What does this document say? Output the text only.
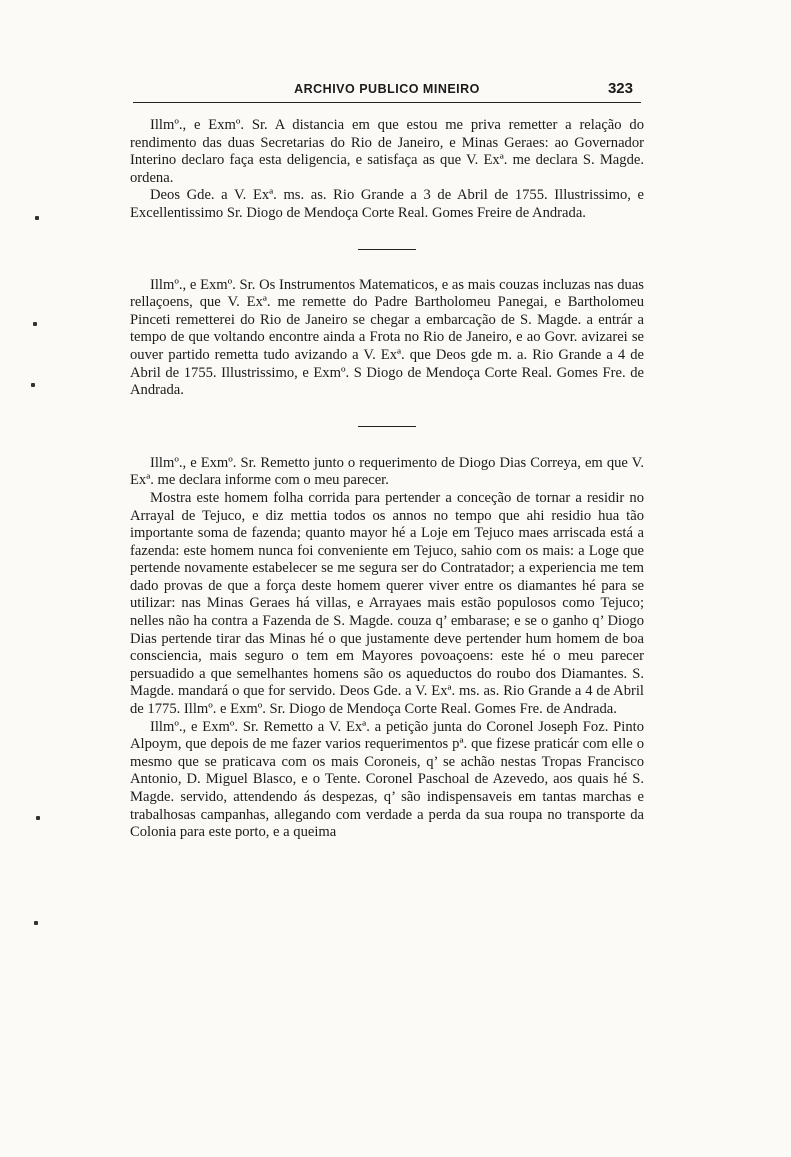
ARCHIVO PUBLICO MINEIRO	323

Illmº., e Exmº. Sr. A distancia em que estou me priva remetter a relação do rendimento das duas Secretarias do Rio de Janeiro, e Minas Geraes: ao Governador Interino declaro faça esta deligencia, e satisfaça as que V. Exª. me declara S. Magde. ordena.

Deos Gde. a V. Exª. ms. as. Rio Grande a 3 de Abril de 1755. Illustrissimo, e Excellentissimo Sr. Diogo de Mendoça Corte Real. Gomes Freire de Andrada.

Illmº., e Exmº. Sr. Os Instrumentos Matematicos, e as mais couzas incluzas nas duas rellaçoens, que V. Exª. me remette do Padre Bartholomeu Panegai, e Bartholomeu Pinceti remetterei do Rio de Janeiro se chegar a embarcação de S. Magde. a entrár a tempo de que voltando encontre ainda a Frota no Rio de Janeiro, e ao Govr. avizarei se ouver partido remetta tudo avizando a V. Exª. que Deos gde m. a. Rio Grande a 4 de Abril de 1755. Illustrissimo, e Exmº. S Diogo de Mendoça Corte Real. Gomes Fre. de Andrada.

Illmº., e Exmº. Sr. Remetto junto o requerimento de Diogo Dias Correya, em que V. Exª. me declara informe com o meu parecer.

Mostra este homem folha corrida para pertender a conceção de tornar a residir no Arrayal de Tejuco, e diz mettia todos os annos no tempo que ahi residio hua tão importante soma de fazenda; quanto mayor hé a Loje em Tejuco maes arriscada está a fazenda: este homem nunca foi conveniente em Tejuco, sahio com os mais: a Loge que pertende novamente estabelecer se me segura ser do Contratador; a experiencia me tem dado provas de que a força deste homem querer viver entre os diamantes hé para se utilizar: nas Minas Geraes há villas, e Arrayaes mais estão populosos como Tejuco; nelles não ha contra a Fazenda de S. Magde. couza q’ embarase; e se o ganho q’ Diogo Dias pertende tirar das Minas hé o que justamente deve pertender hum homem de boa consciencia, mais seguro o tem em Mayores povoaçoens: este hé o meu parecer persuadido a que semelhantes homens são os aqueductos do roubo dos Diamantes. S. Magde. mandará o que for servido. Deos Gde. a V. Exª. ms. as. Rio Grande a 4 de Abril de 1775. Illmº. e Exmº. Sr. Diogo de Mendoça Corte Real. Gomes Fre. de Andrada.

Illmº., e Exmº. Sr. Remetto a V. Exª. a petição junta do Coronel Joseph Foz. Pinto Alpoym, que depois de me fazer varios requerimentos pª. que fizese praticár com elle o mesmo que se praticava com os mais Coroneis, q’ se achão nestas Tropas Francisco Antonio, D. Miguel Blasco, e o Tente. Coronel Paschoal de Azevedo, aos quais hé S. Magde. servido, attendendo ás despezas, q’ são indispensaveis em tantas marchas e trabalhosas campanhas, allegando com verdade a perda da sua roupa no transporte da Colonia para este porto, e a queima
